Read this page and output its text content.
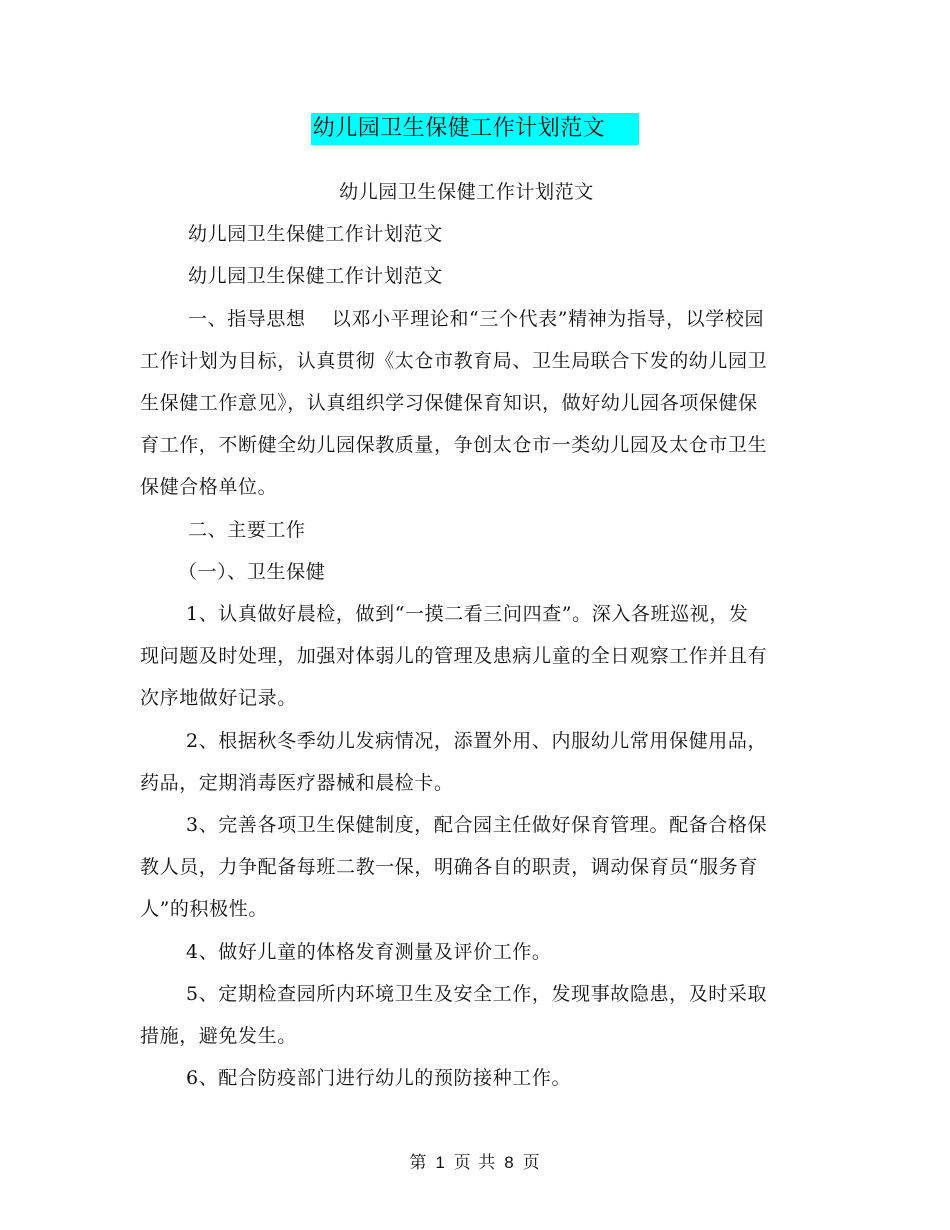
幼儿园卫生保健工作计划范文

幼儿园卫生保健工作计划范文

幼儿园卫生保健工作计划范文

幼儿园卫生保健工作计划范文

一、指导思想　 以邓小平理论和“三个代表”精神为指导，以学校园工作计划为目标，认真贯彻《太仓市教育局、卫生局联合下发的幼儿园卫生保健工作意见》，认真组织学习保健保育知识，做好幼儿园各项保健保育工作，不断健全幼儿园保教质量，争创太仓市一类幼儿园及太仓市卫生保健合格单位。

二、主要工作

（一）、卫生保健

1、认真做好晨检，做到“一摸二看三问四查”。深入各班巡视，发现问题及时处理，加强对体弱儿的管理及患病儿童的全日观察工作并且有次序地做好记录。

2、根据秋冬季幼儿发病情况，添置外用、内服幼儿常用保健用品，药品，定期消毒医疗器械和晨检卡。

3、完善各项卫生保健制度，配合园主任做好保育管理。配备合格保教人员，力争配备每班二教一保，明确各自的职责，调动保育员“服务育人”的积极性。

4、做好儿童的体格发育测量及评价工作。

5、定期检查园所内环境卫生及安全工作，发现事故隐患，及时采取措施，避免发生。

6、配合防疫部门进行幼儿的预防接种工作。

第 1 页 共 8 页
